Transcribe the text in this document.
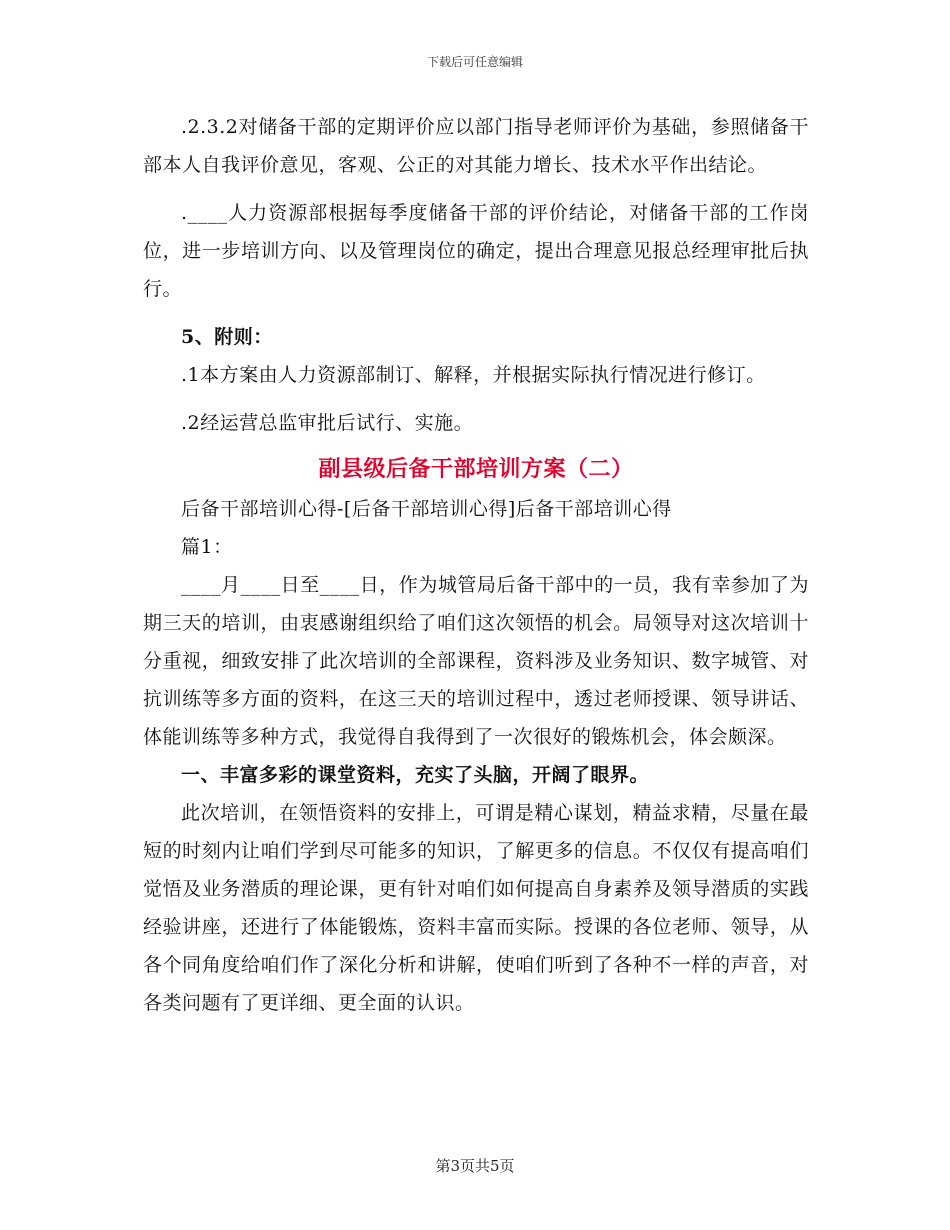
下载后可任意编辑

.2.3.2对储备干部的定期评价应以部门指导老师评价为基础，参照储备干部本人自我评价意见，客观、公正的对其能力增长、技术水平作出结论。

.____人力资源部根据每季度储备干部的评价结论，对储备干部的工作岗位，进一步培训方向、以及管理岗位的确定，提出合理意见报总经理审批后执行。

5、附则：

.1本方案由人力资源部制订、解释，并根据实际执行情况进行修订。

.2经运营总监审批后试行、实施。

副县级后备干部培训方案（二）

后备干部培训心得-[后备干部培训心得]后备干部培训心得

篇1：

____月____日至____日，作为城管局后备干部中的一员，我有幸参加了为期三天的培训，由衷感谢组织给了咱们这次领悟的机会。局领导对这次培训十分重视，细致安排了此次培训的全部课程，资料涉及业务知识、数字城管、对抗训练等多方面的资料，在这三天的培训过程中，透过老师授课、领导讲话、体能训练等多种方式，我觉得自我得到了一次很好的锻炼机会，体会颇深。

一、丰富多彩的课堂资料，充实了头脑，开阔了眼界。

此次培训，在领悟资料的安排上，可谓是精心谋划，精益求精，尽量在最短的时刻内让咱们学到尽可能多的知识，了解更多的信息。不仅仅有提高咱们觉悟及业务潜质的理论课，更有针对咱们如何提高自身素养及领导潜质的实践经验讲座，还进行了体能锻炼，资料丰富而实际。授课的各位老师、领导，从各个同角度给咱们作了深化分析和讲解，使咱们听到了各种不一样的声音，对各类问题有了更详细、更全面的认识。

第3页共5页
